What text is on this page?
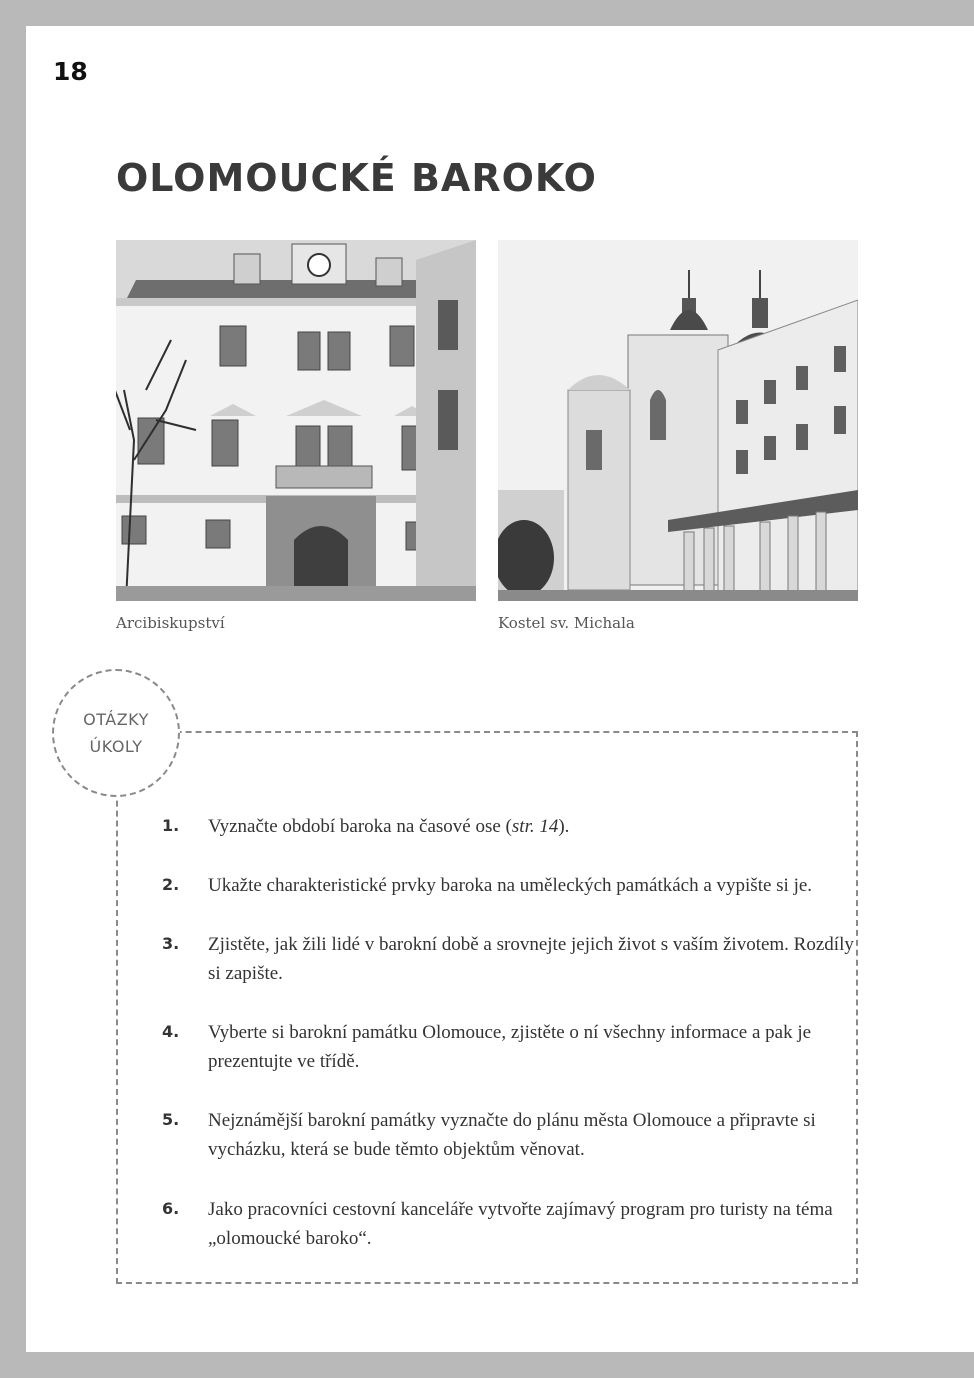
18
OLOMOUCKÉ BAROKO
Arcibiskupství	Kostel sv. Michala
OTÁZKY
ÚKOLY
1. Vyznačte období baroka na časové ose (str. 14).
2. Ukažte charakteristické prvky baroka na uměleckých památkách a vypište si je.
3. Zjistěte, jak žili lidé v barokní době a srovnejte jejich život s vaším životem. Rozdíly si zapište.
4. Vyberte si barokní památku Olomouce, zjistěte o ní všechny informace a pak je prezentujte ve třídě.
5. Nejznámější barokní památky vyznačte do plánu města Olomouce a připravte si vycházku, která se bude těmto objektům věnovat.
6. Jako pracovníci cestovní kanceláře vytvořte zajímavý program pro turisty na téma „olomoucké baroko“.
